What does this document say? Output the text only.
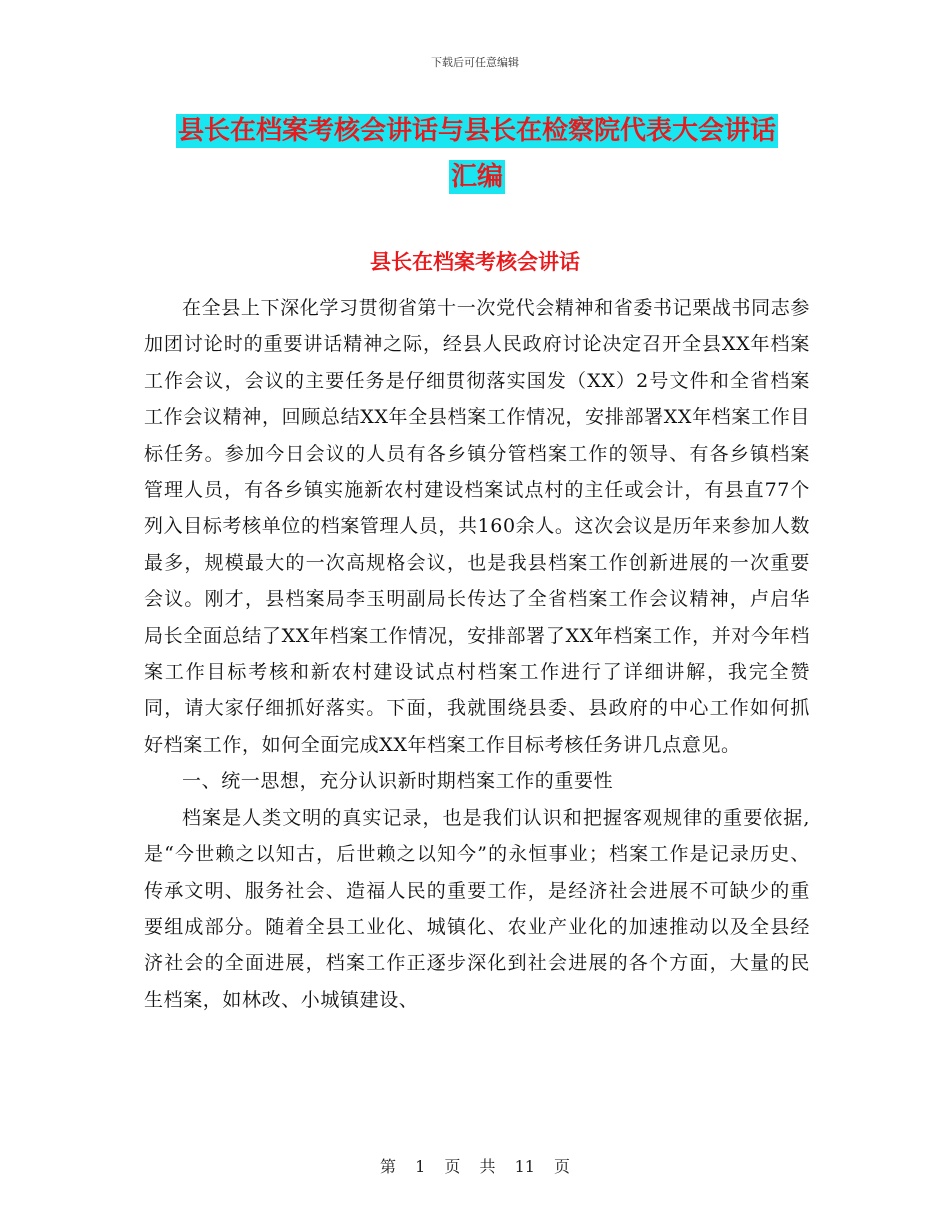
下载后可任意编辑
县长在档案考核会讲话与县长在检察院代表大会讲话
汇编
县长在档案考核会讲话

在全县上下深化学习贯彻省第十一次党代会精神和省委书记栗战书同志参加团讨论时的重要讲话精神之际，经县人民政府讨论决定召开全县XX年档案工作会议，会议的主要任务是仔细贯彻落实国发（XX）2号文件和全省档案工作会议精神，回顾总结XX年全县档案工作情况，安排部署XX年档案工作目标任务。参加今日会议的人员有各乡镇分管档案工作的领导、有各乡镇档案管理人员，有各乡镇实施新农村建设档案试点村的主任或会计，有县直77个列入目标考核单位的档案管理人员，共160余人。这次会议是历年来参加人数最多，规模最大的一次高规格会议，也是我县档案工作创新进展的一次重要会议。刚才，县档案局李玉明副局长传达了全省档案工作会议精神，卢启华局长全面总结了XX年档案工作情况，安排部署了XX年档案工作，并对今年档案工作目标考核和新农村建设试点村档案工作进行了详细讲解，我完全赞同，请大家仔细抓好落实。下面，我就围绕县委、县政府的中心工作如何抓好档案工作，如何全面完成XX年档案工作目标考核任务讲几点意见。

一、统一思想，充分认识新时期档案工作的重要性

档案是人类文明的真实记录，也是我们认识和把握客观规律的重要依据,是“今世赖之以知古，后世赖之以知今”的永恒事业；档案工作是记录历史、传承文明、服务社会、造福人民的重要工作，是经济社会进展不可缺少的重要组成部分。随着全县工业化、城镇化、农业产业化的加速推动以及全县经济社会的全面进展，档案工作正逐步深化到社会进展的各个方面，大量的民生档案，如林改、小城镇建设、

第 1 页 共 11 页
